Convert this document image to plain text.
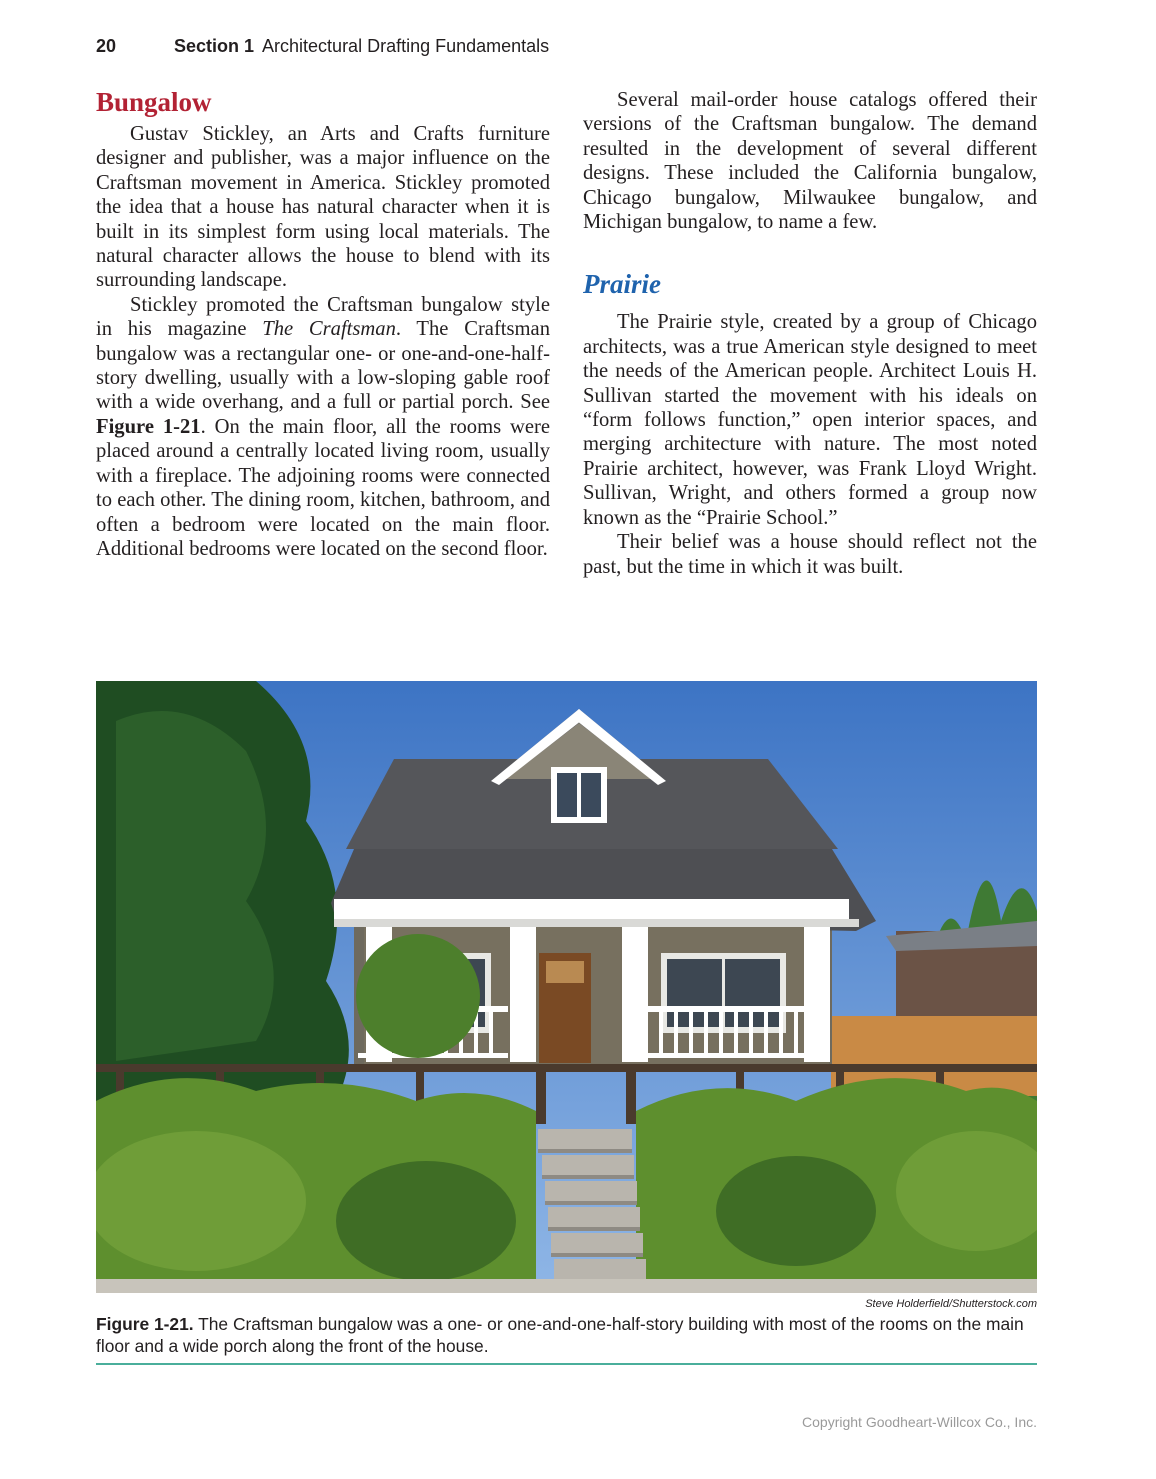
20	Section 1 Architectural Drafting Fundamentals
Bungalow

Gustav Stickley, an Arts and Crafts furniture designer and publisher, was a major influence on the Craftsman movement in America. Stickley promoted the idea that a house has natural character when it is built in its simplest form using local materials. The natural character allows the house to blend with its surrounding landscape.

Stickley promoted the Craftsman bungalow style in his magazine The Craftsman. The Craftsman bungalow was a rectangular one- or one-and-one-half-story dwelling, usually with a low-sloping gable roof with a wide overhang, and a full or partial porch. See Figure 1-21. On the main floor, all the rooms were placed around a centrally located living room, usually with a fireplace. The adjoining rooms were connected to each other. The dining room, kitchen, bathroom, and often a bedroom were located on the main floor. Additional bedrooms were located on the second floor.

Several mail-order house catalogs offered their versions of the Craftsman bungalow. The demand resulted in the development of several different designs. These included the California bungalow, Chicago bungalow, Milwaukee bungalow, and Michigan bungalow, to name a few.

Prairie

The Prairie style, created by a group of Chicago architects, was a true American style designed to meet the needs of the American people. Architect Louis H. Sullivan started the movement with his ideals on “form follows function,” open interior spaces, and merging architecture with nature. The most noted Prairie architect, however, was Frank Lloyd Wright. Sullivan, Wright, and others formed a group now known as the “Prairie School.”

Their belief was a house should reflect not the past, but the time in which it was built.

Steve Holderfield/Shutterstock.com
Figure 1-21. The Craftsman bungalow was a one- or one-and-one-half-story building with most of the rooms on the main floor and a wide porch along the front of the house.
Copyright Goodheart-Willcox Co., Inc.
